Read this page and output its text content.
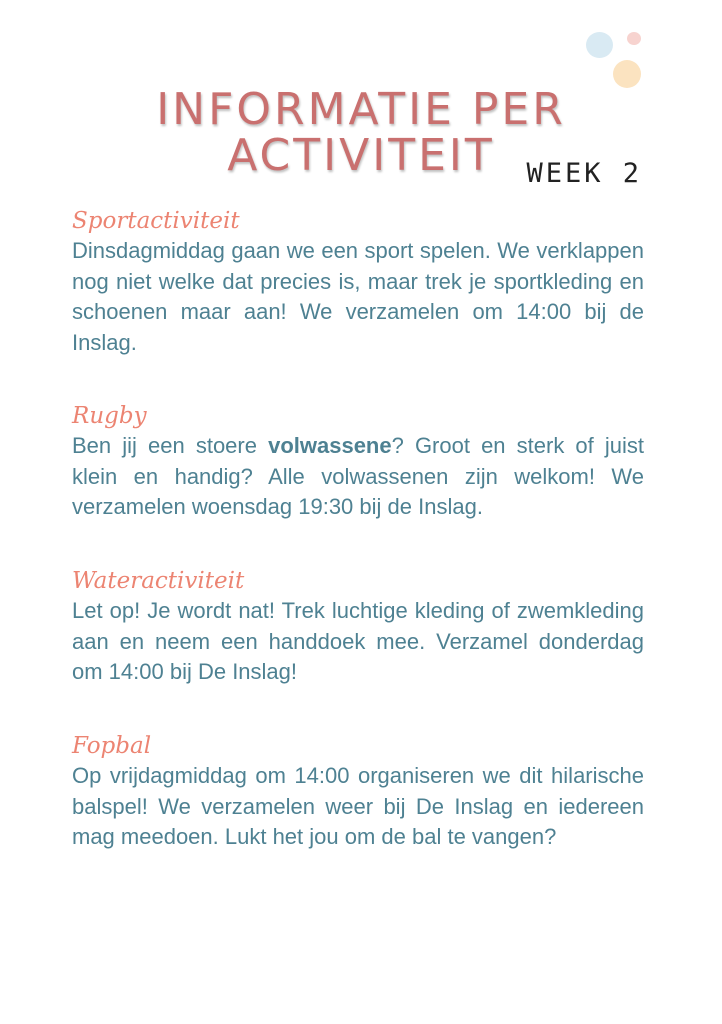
INFORMATIE PER
ACTIVITEIT	WEEK 2
Sportactiviteit

Dinsdagmiddag gaan we een sport spelen. We verklappen nog niet welke dat precies is, maar trek je sportkleding en schoenen maar aan! We verzamelen om 14:00 bij de Inslag.

Rugby

Ben jij een stoere volwassene? Groot en sterk of juist klein en handig? Alle volwassenen zijn welkom! We verzamelen woensdag 19:30 bij de Inslag.

Wateractiviteit

Let op! Je wordt nat! Trek luchtige kleding of zwemkleding aan en neem een handdoek mee. Verzamel donderdag om 14:00 bij De Inslag!

Fopbal

Op vrijdagmiddag om 14:00 organiseren we dit hilarische balspel! We verzamelen weer bij De Inslag en iedereen mag meedoen. Lukt het jou om de bal te vangen?
